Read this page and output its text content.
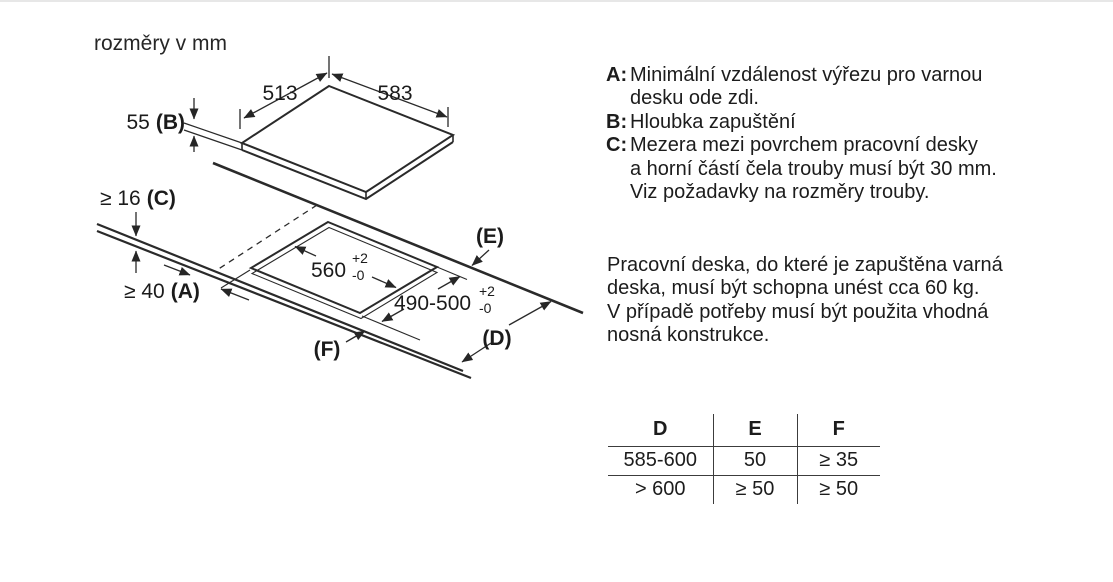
rozměry v mm
513	583
55 (B)
≥ 16 (C)
≥ 40 (A)
560
+2
-0
490-500
+2
-0
(E)
(D)
(F)
A: Minimální vzdálenost výřezu pro varnou
desku ode zdi.
B: Hloubka zapuštění
C: Mezera mezi povrchem pracovní desky
a horní částí čela trouby musí být 30 mm.
Viz požadavky na rozměry trouby.
Pracovní deska, do které je zapuštěna varná
deska, musí být schopna unést cca 60 kg.
V případě potřeby musí být použita vhodná
nosná konstrukce.
D	E	F
585-600	50	≥ 35
> 600	≥ 50	≥ 50
